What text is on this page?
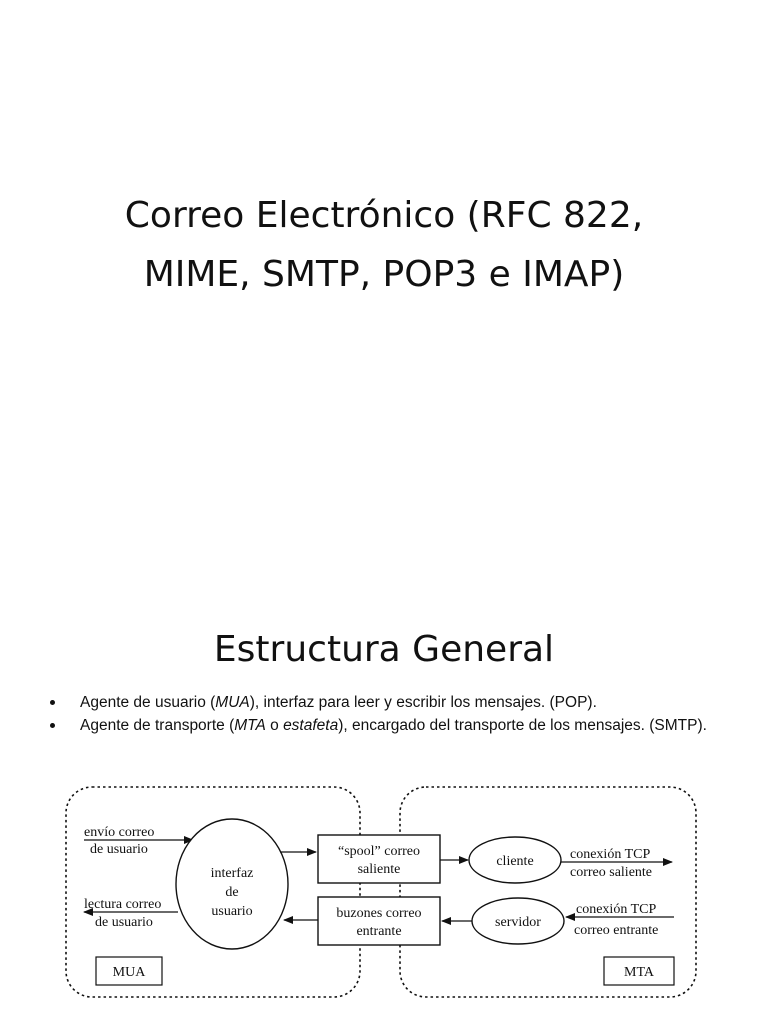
Correo Electrónico (RFC 822,
MIME, SMTP, POP3 e IMAP)
Estructura General
Agente de usuario (MUA), interfaz para leer y escribir los mensajes. (POP).
Agente de transporte (MTA o estafeta), encargado del transporte de los mensajes. (SMTP).
envío correo
de usuario
lectura correo
de usuario
interfaz
de
usuario
“spool” correo
saliente
buzones correo
entrante
cliente	conexión TCP
correo saliente
servidor
conexión TCP
correo entrante
MUA	MTA
